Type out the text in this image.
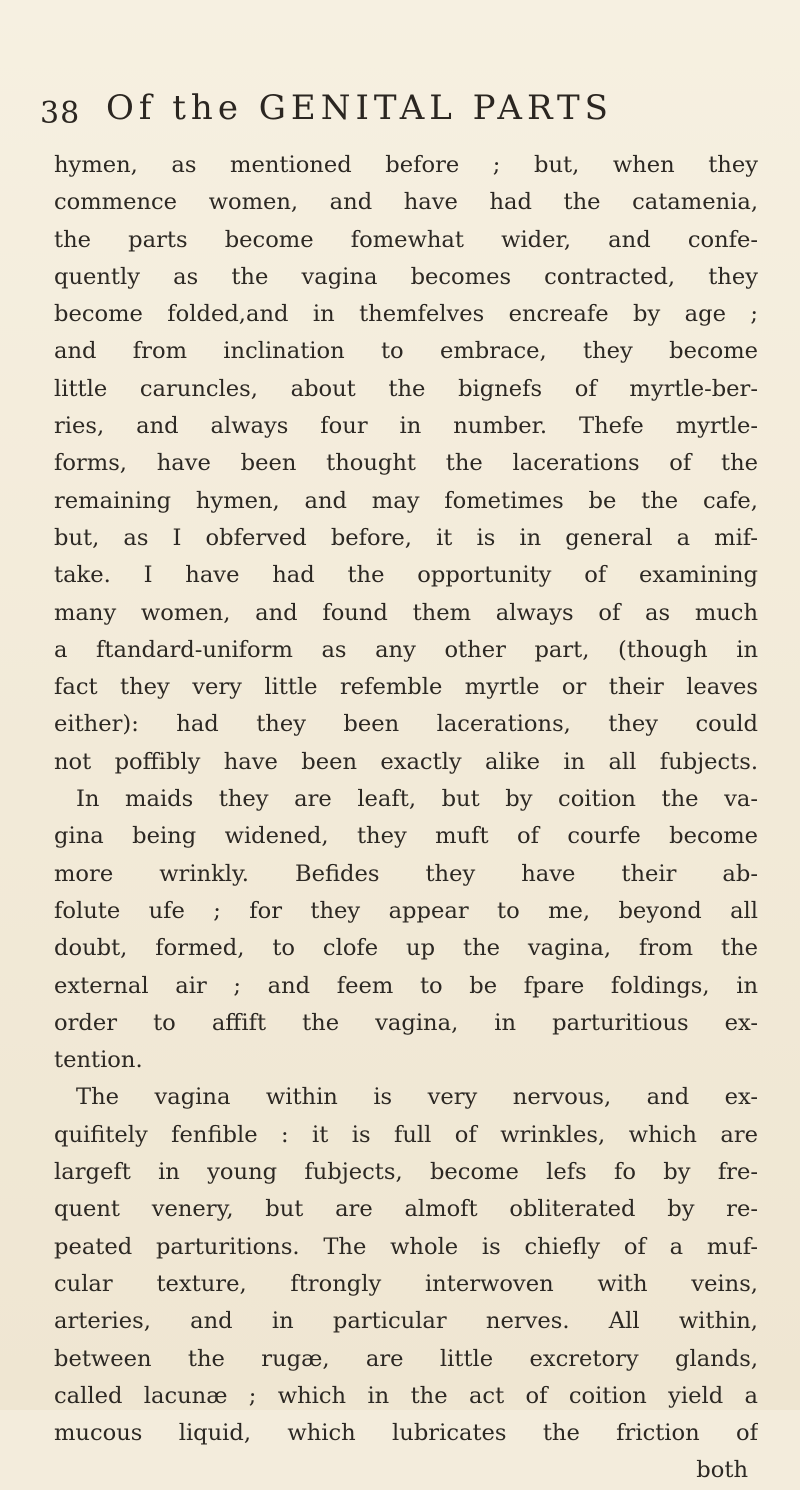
38 Of the GENITAL PARTS
hymen, as mentioned before ; but, when they
commence women, and have had the catamenia,
the parts become fomewhat wider, and confe-
quently as the vagina becomes contracted, they
become folded,and in themfelves encreafe by age ;
and from inclination to embrace, they become
little caruncles, about the bignefs of myrtle-ber-
ries, and always four in number. Thefe myrtle-
forms, have been thought the lacerations of the
remaining hymen, and may fometimes be the cafe,
but, as I obferved before, it is in general a mif-
take. I have had the opportunity of examining
many women, and found them always of as much
a ftandard-uniform as any other part, (though in
fact they very little refemble myrtle or their leaves
either): had they been lacerations, they could
not poffibly have been exactly alike in all fubjects.
In maids they are leaft, but by coition the va-
gina being widened, they muft of courfe become
more wrinkly. Befides they have their ab-
folute ufe ; for they appear to me, beyond all
doubt, formed, to clofe up the vagina, from the
external air ; and feem to be fpare foldings, in
order to affift the vagina, in parturitious ex-
tention.
The vagina within is very nervous, and ex-
quifitely fenfible : it is full of wrinkles, which are
largeft in young fubjects, become lefs fo by fre-
quent venery, but are almoft obliterated by re-
peated parturitions. The whole is chiefly of a muf-
cular texture, ftrongly interwoven with veins,
arteries, and in particular nerves. All within,
between the rugæ, are little excretory glands,
called lacunæ ; which in the act of coition yield a
mucous liquid, which lubricates the friction of
both
